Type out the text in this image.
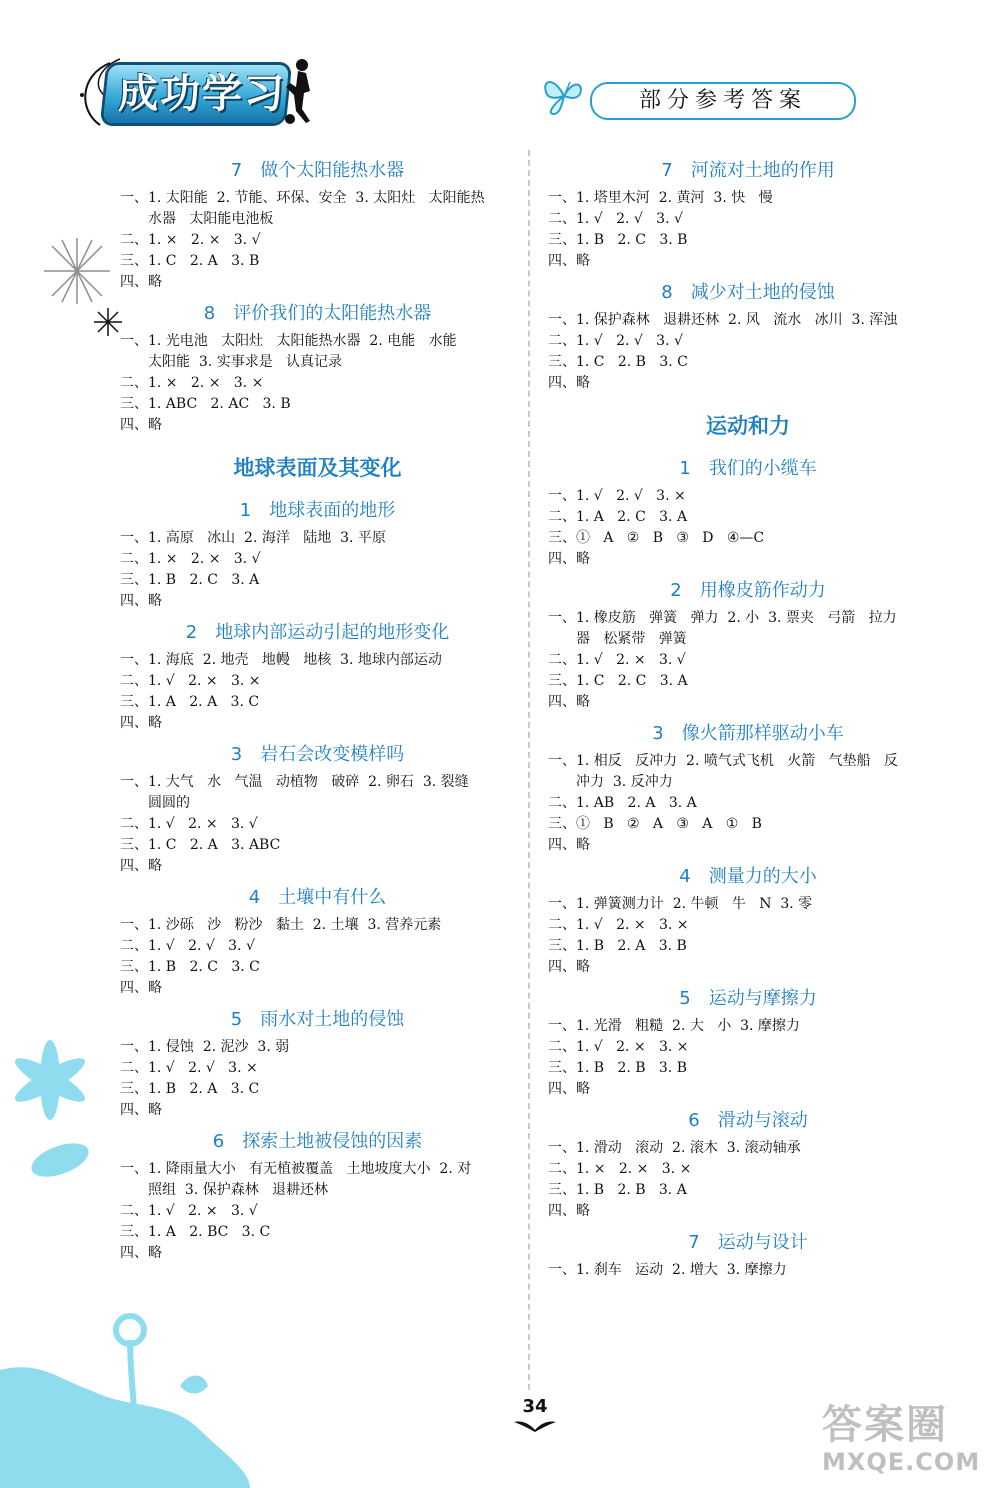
成功学习	部分参考答案
7 做个太阳能热水器
一、1. 太阳能  2. 节能、环保、安全  3. 太阳灶   太阳能热
水器   太阳能电池板
二、1. ×   2. ×   3. √
三、1. C   2. A   3. B
四、略
8 评价我们的太阳能热水器
一、1. 光电池   太阳灶   太阳能热水器  2. 电能   水能
太阳能  3. 实事求是   认真记录
二、1. ×   2. ×   3. ×
三、1. ABC   2. AC   3. B
四、略
地球表面及其变化
1 地球表面的地形
一、1. 高原   冰山  2. 海洋   陆地  3. 平原
二、1. ×   2. ×   3. √
三、1. B   2. C   3. A
四、略
2 地球内部运动引起的地形变化
一、1. 海底  2. 地壳   地幔   地核  3. 地球内部运动
二、1. √   2. ×   3. ×
三、1. A   2. A   3. C
四、略
3 岩石会改变模样吗
一、1. 大气   水   气温   动植物   破碎  2. 卵石  3. 裂缝
圆圆的
二、1. √   2. ×   3. √
三、1. C   2. A   3. ABC
四、略
4 土壤中有什么
一、1. 沙砾   沙   粉沙   黏土  2. 土壤  3. 营养元素
二、1. √   2. √   3. √
三、1. B   2. C   3. C
四、略
5 雨水对土地的侵蚀
一、1. 侵蚀  2. 泥沙  3. 弱
二、1. √   2. √   3. ×
三、1. B   2. A   3. C
四、略
6 探索土地被侵蚀的因素
一、1. 降雨量大小   有无植被覆盖   土地坡度大小  2. 对
照组  3. 保护森林   退耕还林
二、1. √   2. ×   3. √
三、1. A   2. BC   3. C
四、略
7 河流对土地的作用
一、1. 塔里木河  2. 黄河  3. 快   慢
二、1. √   2. √   3. √
三、1. B   2. C   3. B
四、略
8 减少对土地的侵蚀
一、1. 保护森林   退耕还林  2. 风   流水   冰川  3. 浑浊
二、1. √   2. √   3. √
三、1. C   2. B   3. C
四、略
运动和力
1 我们的小缆车
一、1. √   2. √   3. ×
二、1. A   2. C   3. A
三、①   A   ②   B   ③   D   ④—C
四、略
2 用橡皮筋作动力
一、1. 橡皮筋   弹簧   弹力  2. 小  3. 票夹   弓箭   拉力
器   松紧带   弹簧
二、1. √   2. ×   3. √
三、1. C   2. C   3. A
四、略
3 像火箭那样驱动小车
一、1. 相反   反冲力  2. 喷气式飞机   火箭   气垫船   反
冲力  3. 反冲力
二、1. AB   2. A   3. A
三、①   B   ②   A   ③   A   ①   B
四、略
4 测量力的大小
一、1. 弹簧测力计  2. 牛顿   牛   N  3. 零
二、1. √   2. ×   3. ×
三、1. B   2. A   3. B
四、略
5 运动与摩擦力
一、1. 光滑   粗糙  2. 大   小  3. 摩擦力
二、1. √   2. ×   3. ×
三、1. B   2. B   3. B
四、略
6 滑动与滚动
一、1. 滑动   滚动  2. 滚木  3. 滚动轴承
二、1. ×   2. ×   3. ×
三、1. B   2. B   3. A
四、略
7 运动与设计
一、1. 刹车   运动  2. 增大  3. 摩擦力
34	答案圈
MXQE.COM
